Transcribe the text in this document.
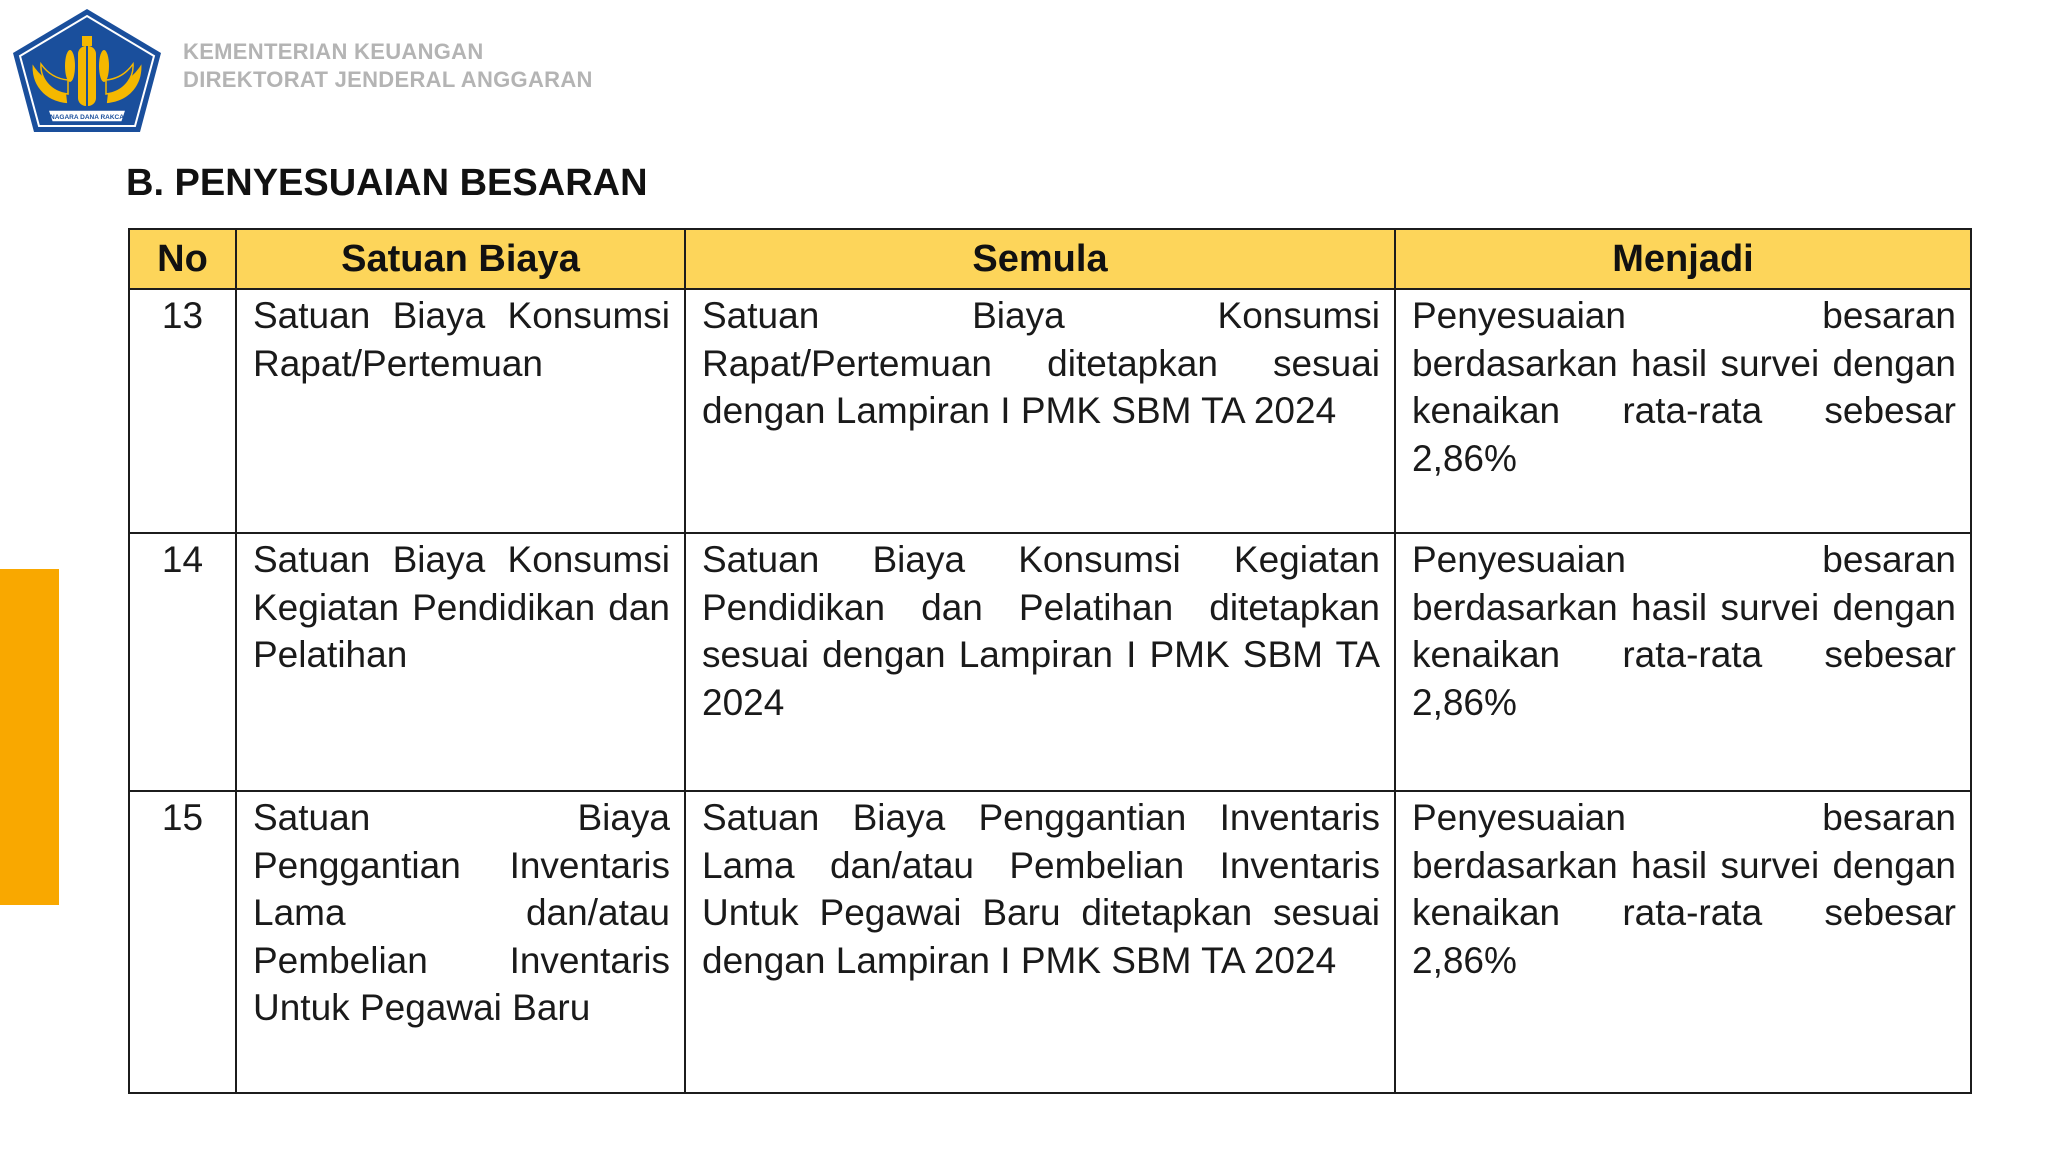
NAGARA DANA RAKCA
KEMENTERIAN KEUANGAN
DIREKTORAT JENDERAL ANGGARAN
B. PENYESUAIAN BESARAN
No	Satuan Biaya	Semula	Menjadi
13	Satuan Biaya Konsumsi Rapat/Pertemuan	Satuan Biaya Konsumsi Rapat/Pertemuan ditetapkan sesuai dengan Lampiran I PMK SBM TA 2024	Penyesuaian besaran berdasarkan hasil survei dengan kenaikan rata-rata sebesar 2,86%
14	Satuan Biaya Konsumsi Kegiatan Pendidikan dan Pelatihan	Satuan Biaya Konsumsi Kegiatan Pendidikan dan Pelatihan ditetapkan sesuai dengan Lampiran I PMK SBM TA 2024	Penyesuaian besaran berdasarkan hasil survei dengan kenaikan rata-rata sebesar 2,86%
15	Satuan Biaya Penggantian Inventaris Lama dan/atau Pembelian Inventaris Untuk Pegawai Baru	Satuan Biaya Penggantian Inventaris Lama dan/atau Pembelian Inventaris Untuk Pegawai Baru ditetapkan sesuai dengan Lampiran I PMK SBM TA 2024	Penyesuaian besaran berdasarkan hasil survei dengan kenaikan rata-rata sebesar 2,86%
